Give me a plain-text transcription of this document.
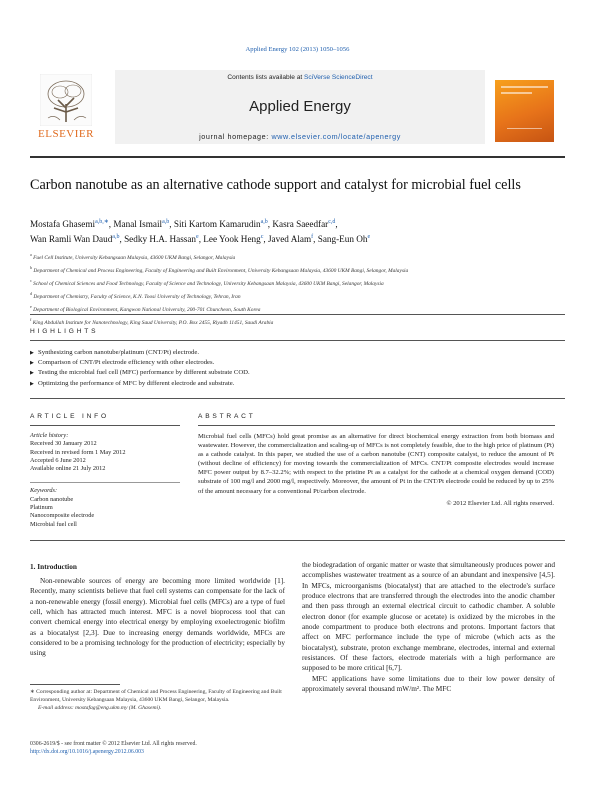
Applied Energy 102 (2013) 1050–1056
ELSEVIER
Contents lists available at SciVerse ScienceDirect
Applied Energy
journal homepage: www.elsevier.com/locate/apenergy
Carbon nanotube as an alternative cathode support and catalyst for microbial fuel cells
Mostafa Ghasemi$^{a,b,∗}$, Manal Ismail$^{a,b}$, Siti Kartom Kamarudin$^{a,b}$, Kasra Saeedfar$^{c,d}$,
Wan Ramli Wan Daud$^{a,b}$, Sedky H.A. Hassan$^e$, Lee Yook Heng$^c$, Javed Alam$^f$, Sang-Eun Oh$^e$
$^a$ Fuel Cell Institute, University Kebangsaan Malaysia, 43600 UKM Bangi, Selangor, Malaysia
$^b$ Department of Chemical and Process Engineering, Faculty of Engineering and Built Environment, University Kebangsaan Malaysia, 43600 UKM Bangi, Selangor, Malaysia
$^c$ School of Chemical Sciences and Food Technology, Faculty of Science and Technology, University Kebangsaan Malaysia, 43600 UKM Bangi, Selangor, Malaysia
$^d$ Department of Chemistry, Faculty of Science, K.N. Toosi University of Technology, Tehran, Iran
$^e$ Department of Biological Environment, Kangwon National University, 200-701 Chuncheon, South Korea
$^f$ King Abdullah Institute for Nanotechnology, King Saud University, P.O. Box 2455, Riyadh 11451, Saudi Arabia
HIGHLIGHTS
▶ Synthesizing carbon nanotube/platinum (CNT/Pt) electrode.
▶ Comparison of CNT/Pt electrode efficiency with other electrodes.
▶ Testing the microbial fuel cell (MFC) performance by different substrate COD.
▶ Optimizing the performance of MFC by different electrode and substrate.
ARTICLE INFO
Article history:
Received 30 January 2012
Received in revised form 1 May 2012
Accepted 6 June 2012
Available online 21 July 2012
Keywords:
Carbon nanotube
Platinum
Nanocomposite electrode
Microbial fuel cell
ABSTRACT
Microbial fuel cells (MFCs) hold great promise as an alternative for direct biochemical energy extraction from both biomass and wastewater. However, the commercialization and scaling-up of MFCs is not completely feasible, due to the high price of platinum (Pt) as a cathode catalyst. In this paper, we studied the use of a carbon nanotube (CNT) composite catalyst, to reduce the amount of Pt (without decline of efficiency) for moving towards the commercialization of MFCs. CNT/Pt composite electrodes would increase MFC power output by 8.7–32.2%; with respect to the pristine Pt as a catalyst for the cathode at a chemical oxygen demand (COD) substrate of 100 mg/l and 2000 mg/l, respectively. Moreover, the amount of Pt in the CNT/Pt electrode could be reduced by up to 25% of the amount necessary for a conventional Pt/carbon electrode.
© 2012 Elsevier Ltd. All rights reserved.
1. Introduction

Non-renewable sources of energy are becoming more limited worldwide [1]. Recently, many scientists believe that fuel cell systems can compensate for the lack of a non-renewable energy (fossil energy). Microbial fuel cells (MFCs) are a type of fuel cell, which has attracted much interest. MFC is a novel bioprocess tool that can convert chemical energy into electrical energy by employing exoelectrogenic biofilm as a biocatalyst [2,3]. Due to increasing energy demands worldwide, MFCs are considered to be a promising technology for the production of electricity; especially by using

the biodegradation of organic matter or waste that simultaneously produces power and accomplishes wastewater treatment as a source of an abundant and inexpensive [4,5]. In MFCs, microorganisms (biocatalyst) that are attached to the electrode's surface produce electrons that are transferred through the electrodes into the anodic chamber and then pass through an external electrical circuit to cathodic chamber. A soluble electron donor (for example glucose or acetate) is oxidized by the microbes in the anode compartment to produce both electrons and protons. Important factors that affect on MFC performance include the type of microbe (which acts as the biocatalyst), substrate, proton exchange membrane, electrodes, internal and external resistances. Of these factors, electrode materials with a high performance are supposed to be more critical [6,7].

MFC applications have some limitations due to their low power density of approximately several thousand mW/m². The MFC

∗ Corresponding author at: Department of Chemical and Process Engineering, Faculty of Engineering and Built Environment, University Kebangsaan Malaysia, 43600 UKM Bangi, Selangor, Malaysia.
E-mail address: mostafag@eng.ukm.my (M. Ghasemi).
0306-2619/$ - see front matter © 2012 Elsevier Ltd. All rights reserved.
http://dx.doi.org/10.1016/j.apenergy.2012.06.003
